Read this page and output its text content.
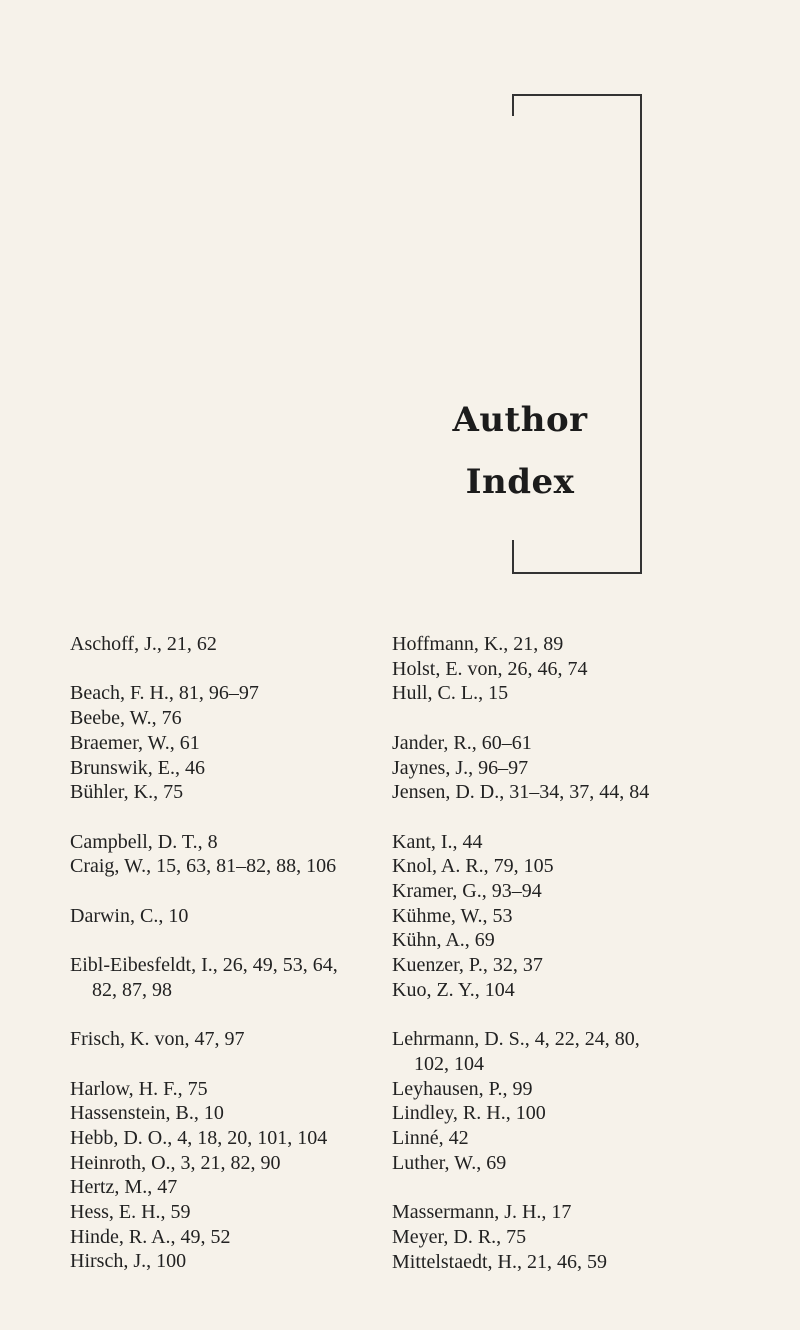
Author
Index
Aschoff, J., 21, 62
Beach, F. H., 81, 96–97
Beebe, W., 76
Braemer, W., 61
Brunswik, E., 46
Bühler, K., 75
Campbell, D. T., 8
Craig, W., 15, 63, 81–82, 88, 106
Darwin, C., 10
Eibl-Eibesfeldt, I., 26, 49, 53, 64,
82, 87, 98
Frisch, K. von, 47, 97
Harlow, H. F., 75
Hassenstein, B., 10
Hebb, D. O., 4, 18, 20, 101, 104
Heinroth, O., 3, 21, 82, 90
Hertz, M., 47
Hess, E. H., 59
Hinde, R. A., 49, 52
Hirsch, J., 100
Hoffmann, K., 21, 89
Holst, E. von, 26, 46, 74
Hull, C. L., 15
Jander, R., 60–61
Jaynes, J., 96–97
Jensen, D. D., 31–34, 37, 44, 84
Kant, I., 44
Knol, A. R., 79, 105
Kramer, G., 93–94
Kühme, W., 53
Kühn, A., 69
Kuenzer, P., 32, 37
Kuo, Z. Y., 104
Lehrmann, D. S., 4, 22, 24, 80,
102, 104
Leyhausen, P., 99
Lindley, R. H., 100
Linné, 42
Luther, W., 69
Massermann, J. H., 17
Meyer, D. R., 75
Mittelstaedt, H., 21, 46, 59
